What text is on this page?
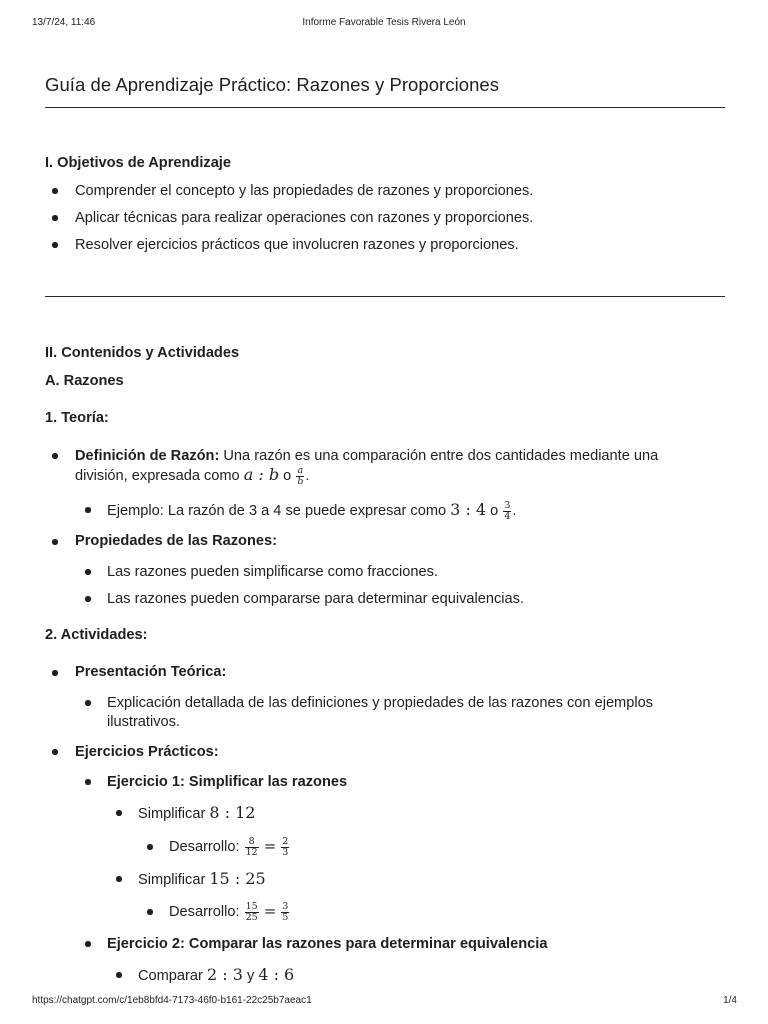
13/7/24, 11:46	Informe Favorable Tesis Rivera León
Guía de Aprendizaje Práctico: Razones y Proporciones
I. Objetivos de Aprendizaje
Comprender el concepto y las propiedades de razones y proporciones.
Aplicar técnicas para realizar operaciones con razones y proporciones.
Resolver ejercicios prácticos que involucren razones y proporciones.
II. Contenidos y Actividades
A. Razones
1. Teoría:
Definición de Razón: Una razón es una comparación entre dos cantidades mediante una
división, expresada como a : b o $\frac{a}{b}$ .
Ejemplo: La razón de 3 a 4 se puede expresar como 3 : 4 o $\frac{3}{4}$ .
Propiedades de las Razones:
Las razones pueden simplificarse como fracciones.
Las razones pueden compararse para determinar equivalencias.
2. Actividades:
Presentación Teórica:
Explicación detallada de las definiciones y propiedades de las razones con ejemplos
ilustrativos.
Ejercicios Prácticos:
Ejercicio 1: Simplificar las razones
Simplificar 8 : 12
Desarrollo: $\frac{8}{12} = \frac{2}{3}$
Simplificar 15 : 25
Desarrollo: $\frac{15}{25} = \frac{3}{5}$
Ejercicio 2: Comparar las razones para determinar equivalencia
Comparar 2 : 3 y 4 : 6
https://chatgpt.com/c/1eb8bfd4-7173-46f0-b161-22c25b7aeac1	1/4
